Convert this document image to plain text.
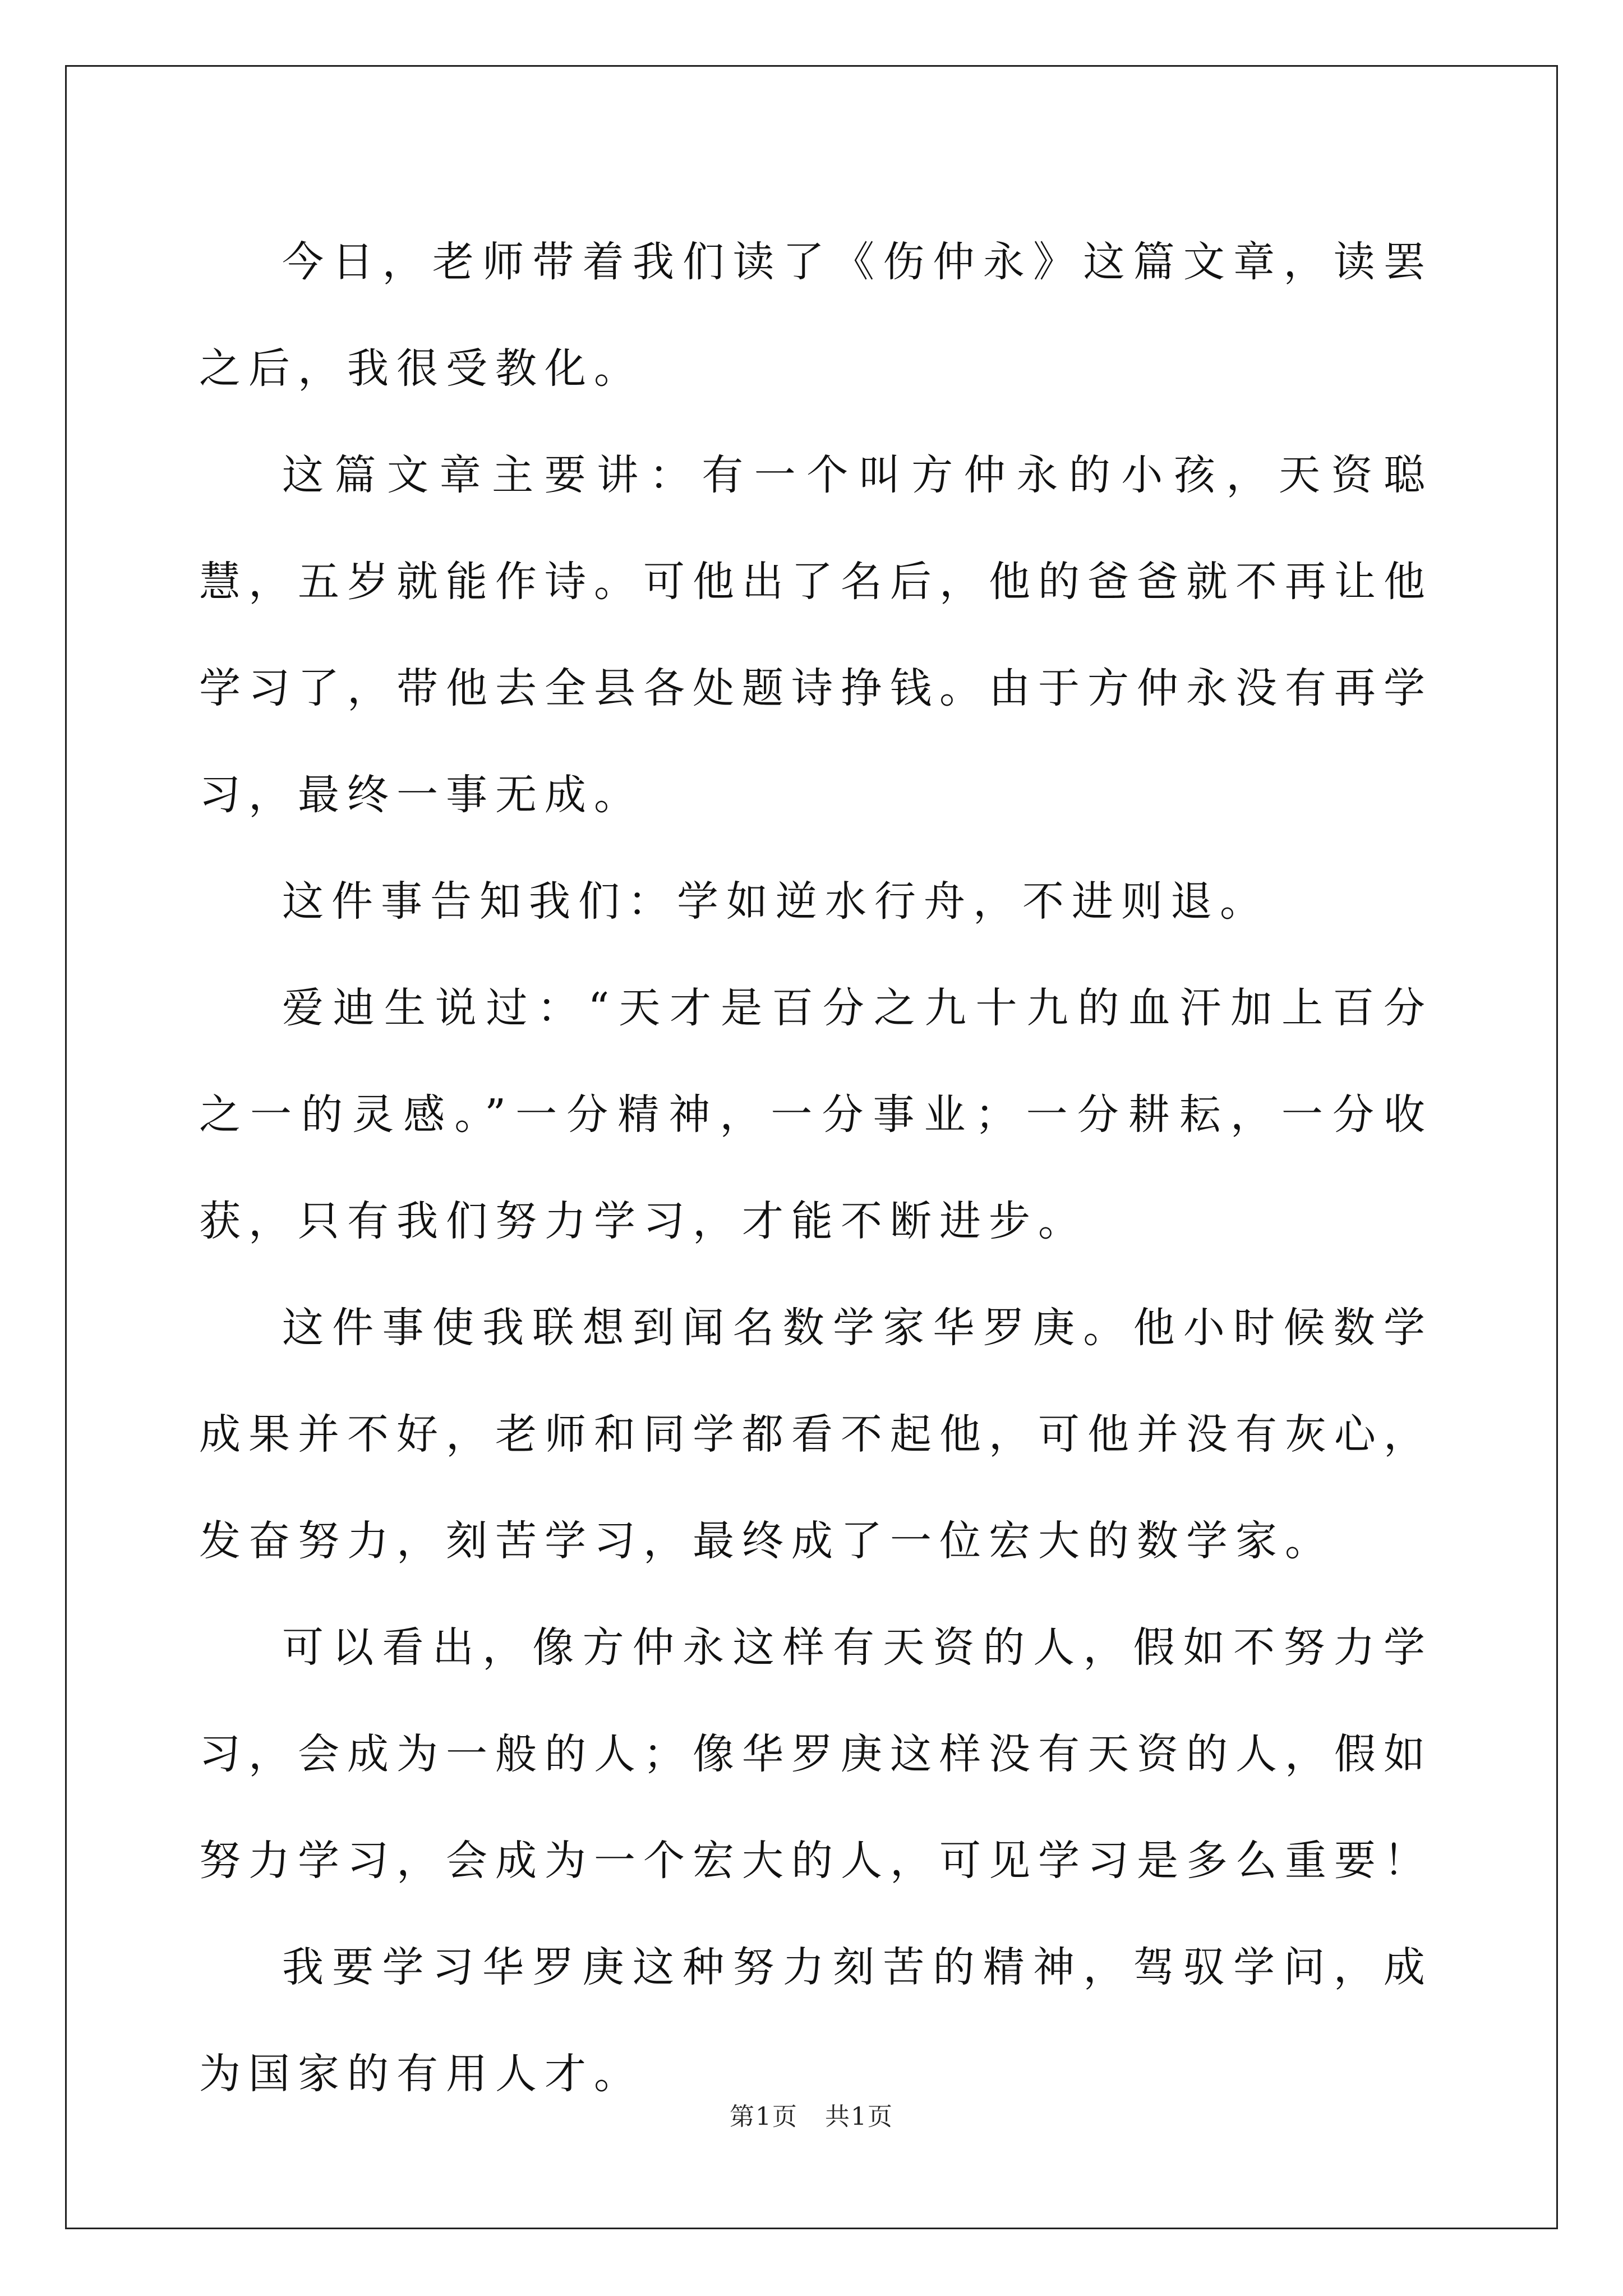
今日，老师带着我们读了《伤仲永》这篇文章，读罢之后，我很受教化。

这篇文章主要讲：有一个叫方仲永的小孩，天资聪慧，五岁就能作诗。可他出了名后，他的爸爸就不再让他学习了，带他去全县各处题诗挣钱。由于方仲永没有再学习，最终一事无成。

这件事告知我们：学如逆水行舟，不进则退。

爱迪生说过：“天才是百分之九十九的血汗加上百分之一的灵感。”一分精神，一分事业；一分耕耘，一分收获，只有我们努力学习，才能不断进步。

这件事使我联想到闻名数学家华罗庚。他小时候数学成果并不好，老师和同学都看不起他，可他并没有灰心，发奋努力，刻苦学习，最终成了一位宏大的数学家。

可以看出，像方仲永这样有天资的人，假如不努力学习，会成为一般的人；像华罗庚这样没有天资的人，假如努力学习，会成为一个宏大的人，可见学习是多么重要！

我要学习华罗庚这种努力刻苦的精神，驾驭学问，成为国家的有用人才。

第1页   共1页
